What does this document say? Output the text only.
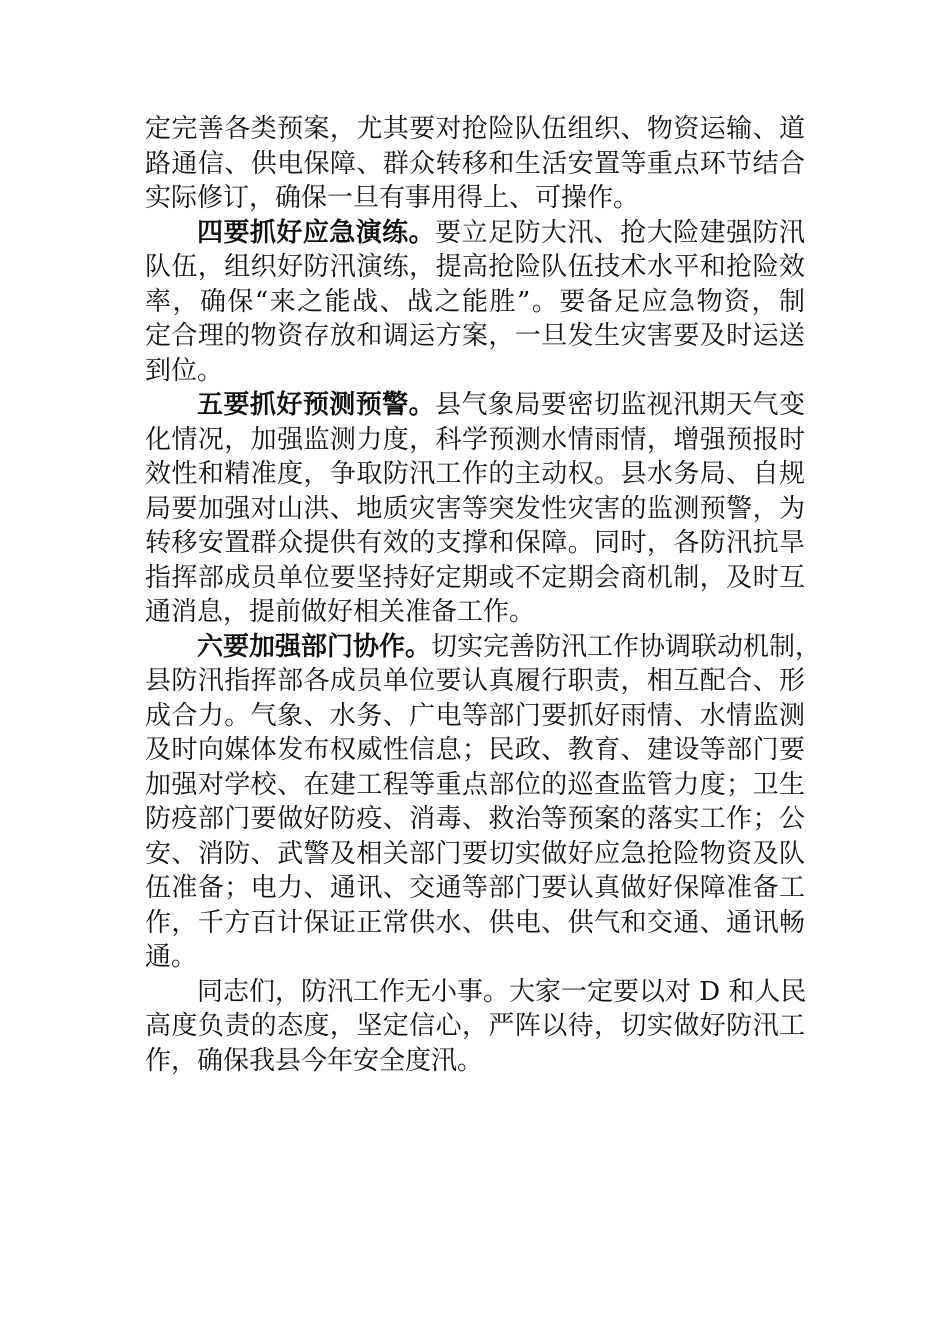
定完善各类预案，尤其要对抢险队伍组织、物资运输、道
路通信、供电保障、群众转移和生活安置等重点环节结合
实际修订，确保一旦有事用得上、可操作。
四要抓好应急演练。要立足防大汛、抢大险建强防汛
队伍，组织好防汛演练，提高抢险队伍技术水平和抢险效
率，确保“来之能战、战之能胜”。要备足应急物资，制
定合理的物资存放和调运方案，一旦发生灾害要及时运送
到位。
五要抓好预测预警。县气象局要密切监视汛期天气变
化情况，加强监测力度，科学预测水情雨情，增强预报时
效性和精准度，争取防汛工作的主动权。县水务局、自规
局要加强对山洪、地质灾害等突发性灾害的监测预警，为
转移安置群众提供有效的支撑和保障。同时，各防汛抗旱
指挥部成员单位要坚持好定期或不定期会商机制，及时互
通消息，提前做好相关准备工作。
六要加强部门协作。切实完善防汛工作协调联动机制，
县防汛指挥部各成员单位要认真履行职责，相互配合、形
成合力。气象、水务、广电等部门要抓好雨情、水情监测
及时向媒体发布权威性信息；民政、教育、建设等部门要
加强对学校、在建工程等重点部位的巡查监管力度；卫生
防疫部门要做好防疫、消毒、救治等预案的落实工作；公
安、消防、武警及相关部门要切实做好应急抢险物资及队
伍准备；电力、通讯、交通等部门要认真做好保障准备工
作，千方百计保证正常供水、供电、供气和交通、通讯畅
通。
同志们，防汛工作无小事。大家一定要以对 D 和人民
高度负责的态度，坚定信心，严阵以待，切实做好防汛工
作，确保我县今年安全度汛。
